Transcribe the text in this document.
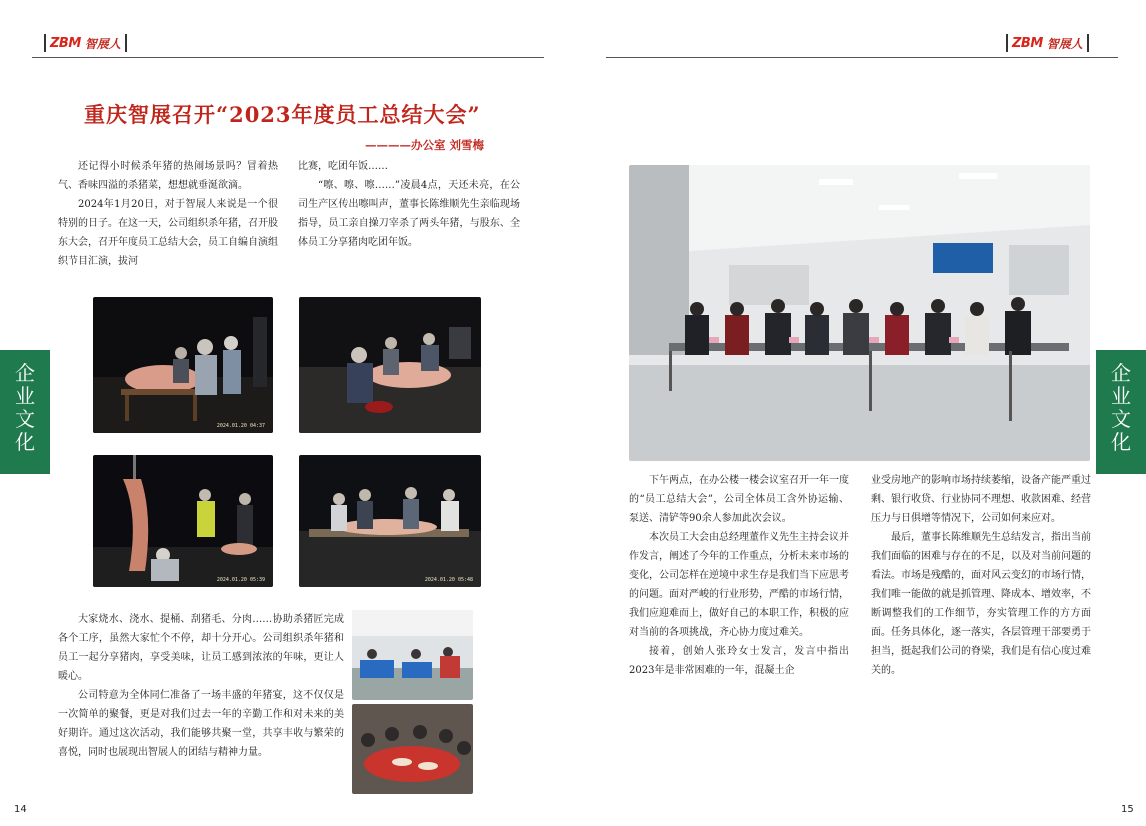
ZBM 智展人
企
业
文
化
重庆智展召开“2023年度员工总结大会”
————办公室 刘雪梅

还记得小时候杀年猪的热闹场景吗？冒着热气、香味四溢的杀猪菜，想想就垂涎欲滴。

2024年1月20日，对于智展人来说是一个很特别的日子。在这一天，公司组织杀年猪，召开股东大会，召开年度员工总结大会，员工自编自演组织节目汇演，拔河

比赛，吃团年饭……

“嚓、嚓、嚓……”凌晨4点，天还未亮，在公司生产区传出嚓叫声，董事长陈维顺先生亲临现场指导，员工亲自操刀宰杀了两头年猪，与股东、全体员工分享猪肉吃团年饭。

2024.01.20 04:37
2024.01.20 05:39	2024.01.20 05:48

大家烧水、浇水、提桶、刮猪毛、分肉……协助杀猪匠完成各个工序，虽然大家忙个不停，却十分开心。公司组织杀年猪和员工一起分享猪肉，享受美味，让员工感到浓浓的年味，更让人暖心。

公司特意为全体同仁准备了一场丰盛的年猪宴，这不仅仅是一次简单的聚餐，更是对我们过去一年的辛勤工作和对未来的美好期许。通过这次活动，我们能够共聚一堂，共享丰收与繁荣的喜悦，同时也展现出智展人的团结与精神力量。

14
ZBM 智展人
企
业
文
化

下午两点，在办公楼一楼会议室召开一年一度的“员工总结大会”，公司全体员工含外协运输、泵送、清铲等90余人参加此次会议。

本次员工大会由总经理董作义先生主持会议并作发言，阐述了今年的工作重点，分析未来市场的变化，公司怎样在逆境中求生存是我们当下应思考的问题。面对严峻的行业形势，严酷的市场行情，我们应迎难而上，做好自己的本职工作，积极的应对当前的各项挑战，齐心协力度过难关。

接着，创始人张玲女士发言，发言中指出2023年是非常困难的一年，混凝土企

业受房地产的影响市场持续萎缩，设备产能严重过剩、银行收贷、行业协同不理想、收款困难、经营压力与日俱增等情况下，公司如何来应对。

最后，董事长陈维顺先生总结发言，指出当前我们面临的困难与存在的不足，以及对当前问题的看法。市场是残酷的，面对风云变幻的市场行情，我们唯一能做的就是抓管理、降成本、增效率，不断调整我们的工作细节，夯实管理工作的方方面面。任务具体化，逐一落实，各层管理干部要勇于担当，挺起我们公司的脊梁，我们是有信心度过难关的。

15
